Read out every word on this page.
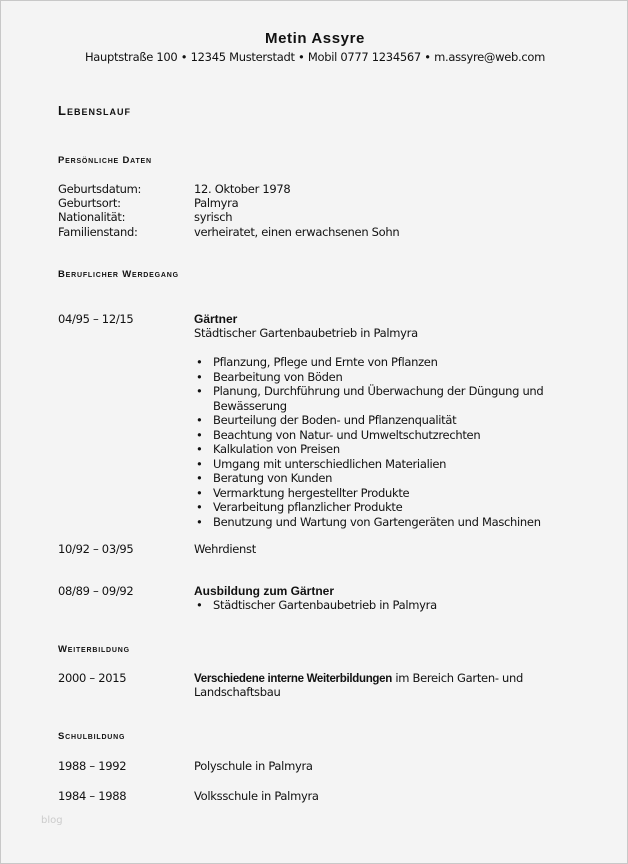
Metin Assyre
Hauptstraße 100 • 12345 Musterstadt • Mobil 0777 1234567 • m.assyre@web.com
Lebenslauf
Persönliche Daten
Geburtsdatum:	12. Oktober 1978
Geburtsort:	Palmyra
Nationalität:	syrisch
Familienstand:	verheiratet, einen erwachsenen Sohn
Beruflicher Werdegang
04/95 – 12/15	Gärtner
Städtischer Gartenbaubetrieb in Palmyra
• Pflanzung, Pflege und Ernte von Pflanzen
• Bearbeitung von Böden
• Planung, Durchführung und Überwachung der Düngung und
Bewässerung
• Beurteilung der Boden- und Pflanzenqualität
• Beachtung von Natur- und Umweltschutzrechten
• Kalkulation von Preisen
• Umgang mit unterschiedlichen Materialien
• Beratung von Kunden
• Vermarktung hergestellter Produkte
• Verarbeitung pflanzlicher Produkte
• Benutzung und Wartung von Gartengeräten und Maschinen
10/92 – 03/95	Wehrdienst
08/89 – 09/92	Ausbildung zum Gärtner
• Städtischer Gartenbaubetrieb in Palmyra
Weiterbildung
2000 – 2015	Verschiedene interne Weiterbildungen im Bereich Garten- und
Landschaftsbau
Schulbildung
1988 – 1992	Polyschule in Palmyra
1984 – 1988	Volksschule in Palmyra
blog
